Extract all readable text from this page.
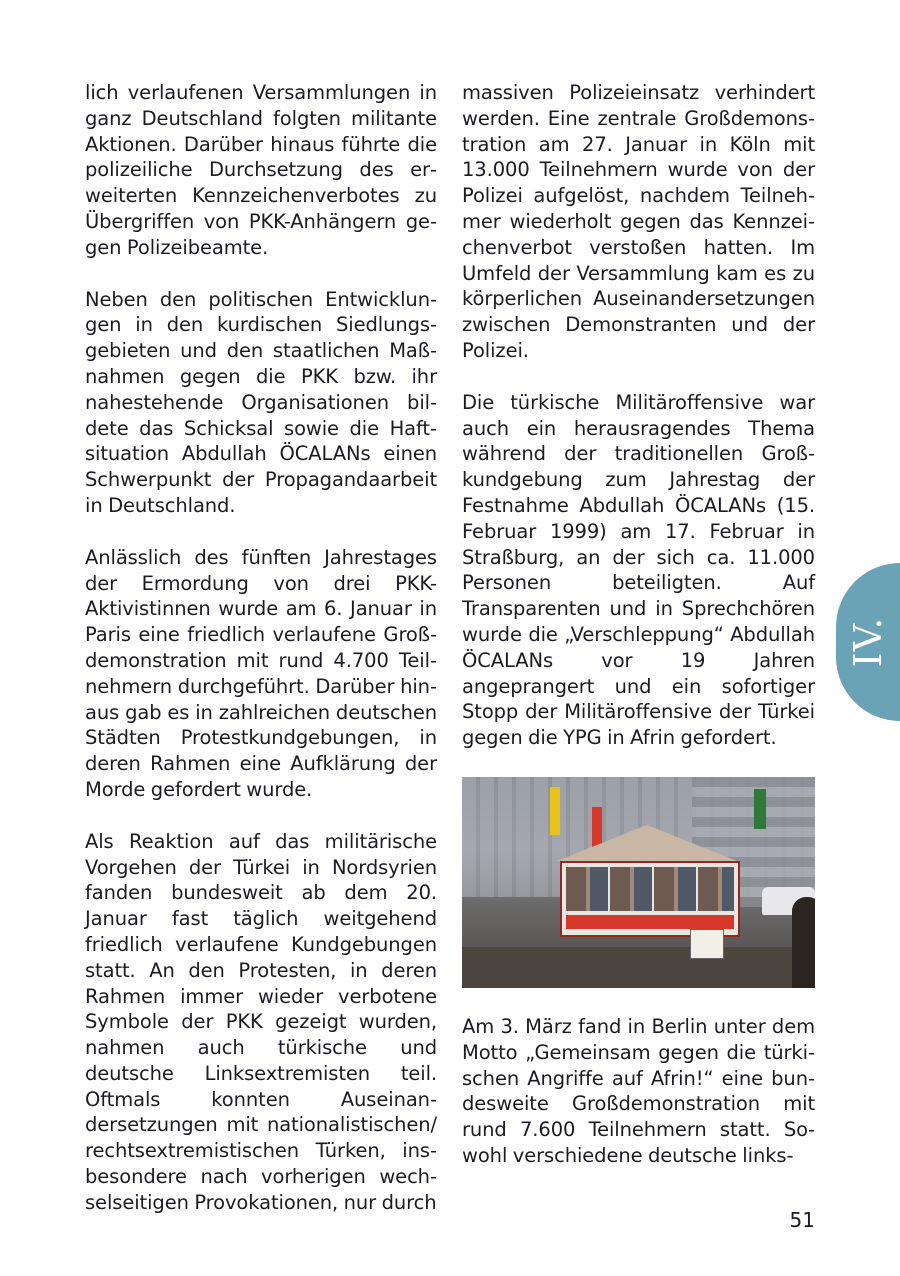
lich verlaufenen Versammlungen in ganz Deutschland folgten militante Aktionen. Darüber hinaus führte die polizeiliche Durchsetzung des erweiterten Kennzeichenverbotes zu Übergriffen von PKK-Anhängern gegen Polizeibeamte.

Neben den politischen Entwicklungen in den kurdischen Siedlungsgebieten und den staatlichen Maßnahmen gegen die PKK bzw. ihr nahestehende Organisationen bildete das Schicksal sowie die Haftsituation Abdullah ÖCALANs einen Schwerpunkt der Propagandaarbeit in Deutschland.

Anlässlich des fünften Jahrestages der Ermordung von drei PKK-Aktivistinnen wurde am 6. Januar in Paris eine friedlich verlaufene Großdemonstration mit rund 4.700 Teilnehmern durchgeführt. Darüber hinaus gab es in zahlreichen deutschen Städten Protestkundgebungen, in deren Rahmen eine Aufklärung der Morde gefordert wurde.

Als Reaktion auf das militärische Vorgehen der Türkei in Nordsyrien fanden bundesweit ab dem 20. Januar fast täglich weitgehend friedlich verlaufene Kundgebungen statt. An den Protesten, in deren Rahmen immer wieder verbotene Symbole der PKK gezeigt wurden, nahmen auch türkische und deutsche Linksextremisten teil. Oftmals konnten Auseinandersetzungen mit nationalistischen/ rechtsextremistischen Türken, insbesondere nach vorherigen wechselseitigen Provokationen, nur durch

massiven Polizeieinsatz verhindert werden. Eine zentrale Großdemonstration am 27. Januar in Köln mit 13.000 Teilnehmern wurde von der Polizei aufgelöst, nachdem Teilnehmer wiederholt gegen das Kennzeichenverbot verstoßen hatten. Im Umfeld der Versammlung kam es zu körperlichen Auseinandersetzungen zwischen Demonstranten und der Polizei.

Die türkische Militäroffensive war auch ein herausragendes Thema während der traditionellen Großkundgebung zum Jahrestag der Festnahme Abdullah ÖCALANs (15. Februar 1999) am 17. Februar in Straßburg, an der sich ca. 11.000 Personen beteiligten. Auf Transparenten und in Sprechchören wurde die „Verschleppung“ Abdullah ÖCALANs vor 19 Jahren angeprangert und ein sofortiger Stopp der Militäroffensive der Türkei gegen die YPG in Afrin gefordert.

Am 3. März fand in Berlin unter dem Motto „Gemeinsam gegen die türkischen Angriffe auf Afrin!“ eine bundesweite Großdemonstration mit rund 7.600 Teilnehmern statt. Sowohl verschiedene deutsche links-

IV.
51
